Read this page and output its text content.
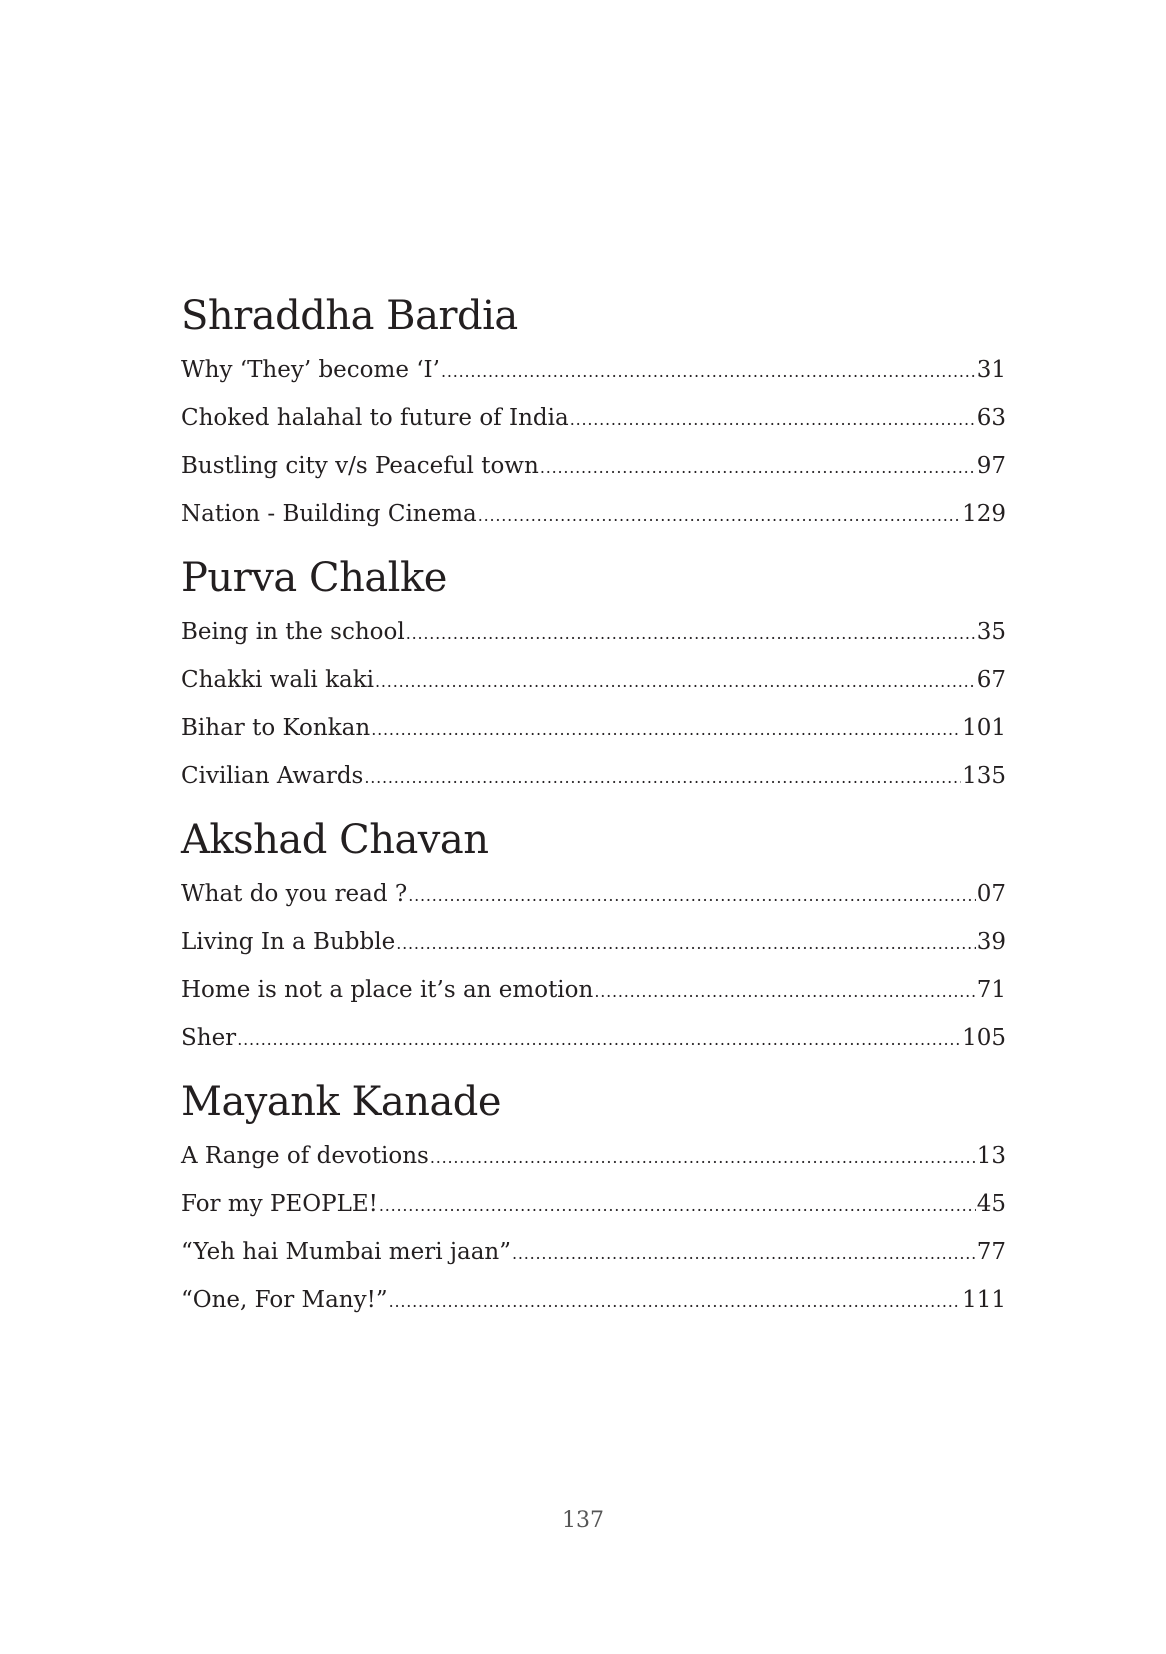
Shraddha Bardia
Why ‘They’ become ‘I’ .....	31
Choked halahal to future of India .....	63
Bustling city v/s Peaceful town .....	97
Nation - Building Cinema .....	129
Purva Chalke
Being in the school .....	35
Chakki wali kaki .....	67
Bihar to Konkan .....	101
Civilian Awards .....	135
Akshad Chavan
What do you read ? .....	07
Living In a Bubble .....	39
Home is not a place it’s an emotion .....	71
Sher .....	105
Mayank Kanade
A Range of devotions .....	13
For my PEOPLE! .....	45
“Yeh hai Mumbai meri jaan” .....	77
“One, For Many!” .....	111
137
